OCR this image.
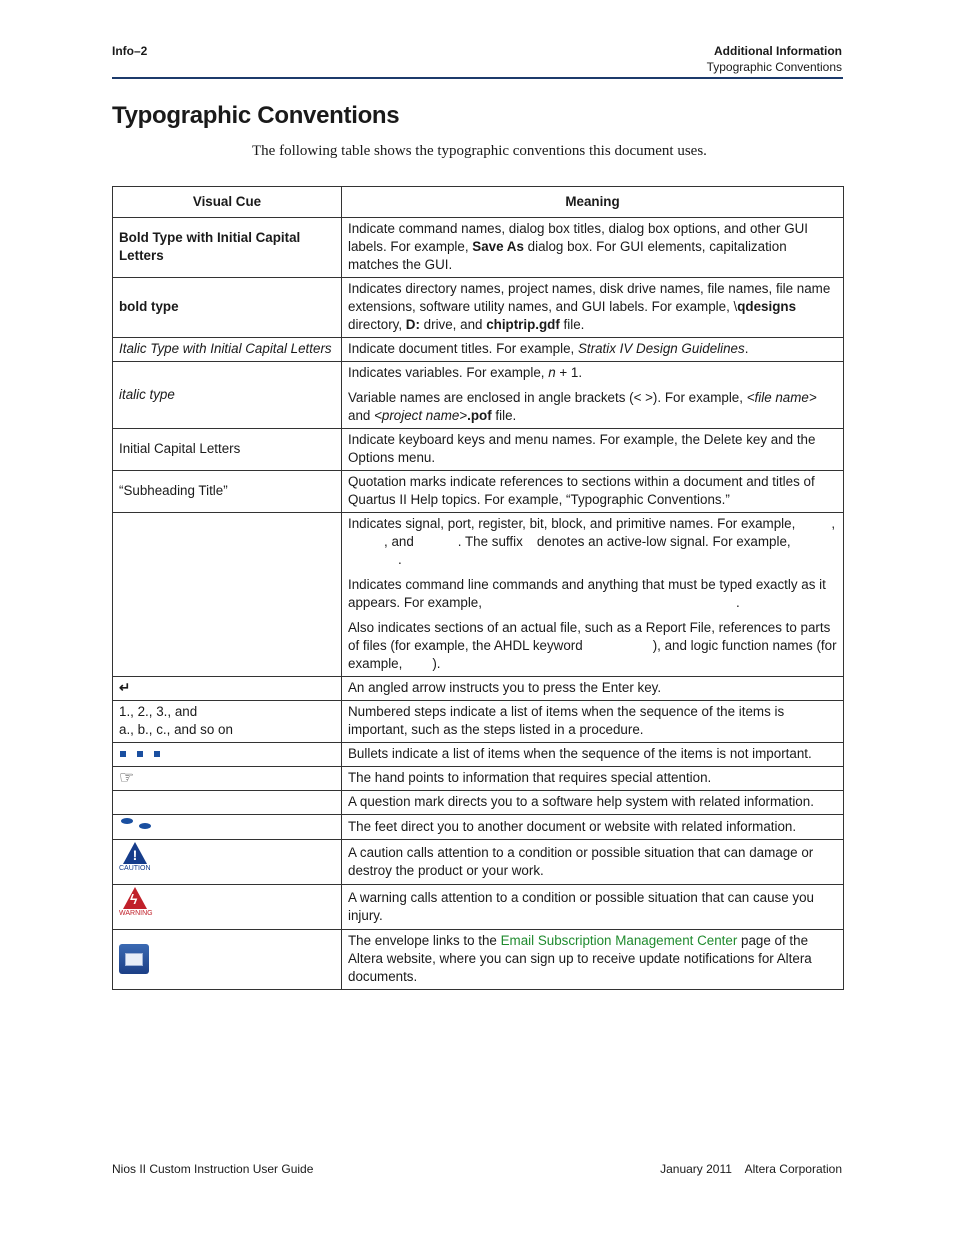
Info–2	Additional Information
Typographic Conventions
Typographic Conventions

The following table shows the typographic conventions this document uses.

Visual Cue	Meaning
Bold Type with Initial Capital Letters	Indicate command names, dialog box titles, dialog box options, and other GUI labels. For example, Save As dialog box. For GUI elements, capitalization matches the GUI.
bold type	Indicates directory names, project names, disk drive names, file names, file name extensions, software utility names, and GUI labels. For example, \qdesigns directory, D: drive, and chiptrip.gdf file.
Italic Type with Initial Capital Letters	Indicate document titles. For example, Stratix IV Design Guidelines.
italic type	Indicates variables. For example, n + 1.

Variable names are enclosed in angle brackets (< >). For example, <file name> and <project name>.pof file.

Initial Capital Letters	Indicate keyboard keys and menu names. For example, the Delete key and the Options menu.
“Subheading Title”	Quotation marks indicate references to sections within a document and titles of Quartus II Help topics. For example, “Typographic Conventions.”

	Indicates signal, port, register, bit, block, and primitive names. For example, ,
, and . The suffix denotes an active-low signal. For example,.

Indicates command line commands and anything that must be typed exactly as it appears. For example, .

Also indicates sections of an actual file, such as a Report File, references to parts of files (for example, the AHDL keyword ), and logic function names (for example, ).

↵	An angled arrow instructs you to press the Enter key.

1., 2., 3., and
a., b., c., and so on	Numbered steps indicate a list of items when the sequence of the items is important, such as the steps listed in a procedure.
	Bullets indicate a list of items when the sequence of the items is not important.
☞	The hand points to information that requires special attention.
	A question mark directs you to a software help system with related information.

	The feet direct you to another document or website with related information.

!
CAUTION	A caution calls attention to a condition or possible situation that can damage or destroy the product or your work.

ϟ
WARNING	A warning calls attention to a condition or possible situation that can cause you injury.
	The envelope links to the Email Subscription Management Center page of the Altera website, where you can sign up to receive update notifications for Altera documents.
Nios II Custom Instruction User Guide	January 2011    Altera Corporation
